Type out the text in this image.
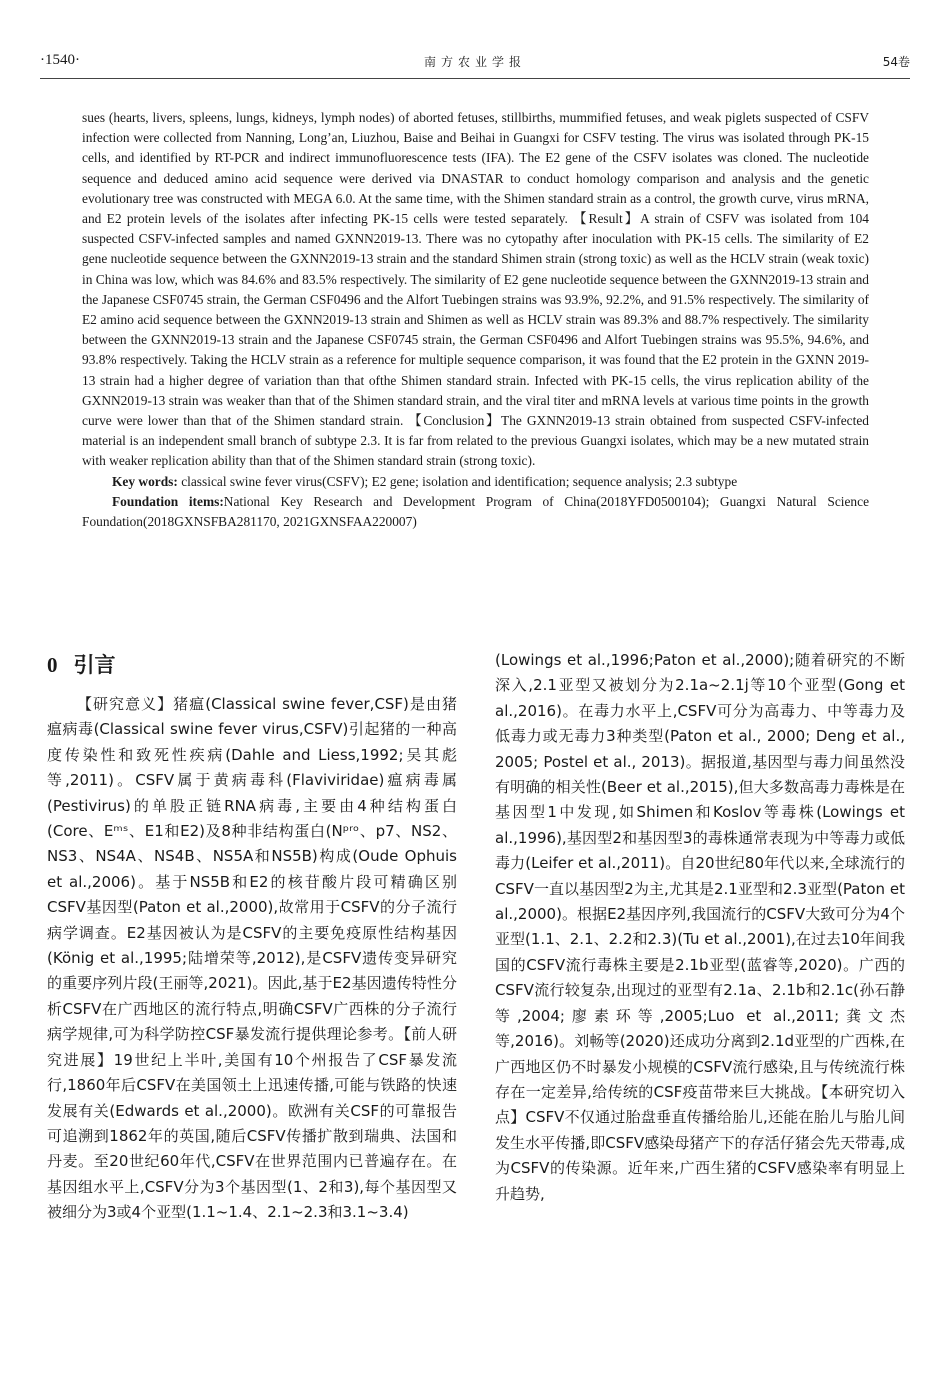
·1540·	南方农业学报	54卷

sues (hearts, livers, spleens, lungs, kidneys, lymph nodes) of aborted fetuses, stillbirths, mummified fetuses, and weak piglets suspected of CSFV infection were collected from Nanning, Long’an, Liuzhou, Baise and Beihai in Guangxi for CSFV testing. The virus was isolated through PK-15 cells, and identified by RT-PCR and indirect immunofluorescence tests (IFA). The E2 gene of the CSFV isolates was cloned. The nucleotide sequence and deduced amino acid sequence were derived via DNASTAR to conduct homology comparison and analysis and the genetic evolutionary tree was constructed with MEGA 6.0. At the same time, with the Shimen standard strain as a control, the growth curve, virus mRNA, and E2 protein levels of the isolates after infecting PK-15 cells were tested separately. 【Result】A strain of CSFV was isolated from 104 suspected CSFV-infected samples and named GXNN2019-13. There was no cytopathy after inoculation with PK-15 cells. The similarity of E2 gene nucleotide sequence between the GXNN2019-13 strain and the standard Shimen strain (strong toxic) as well as the HCLV strain (weak toxic) in China was low, which was 84.6% and 83.5% respectively. The similarity of E2 gene nucleotide sequence between the GXNN2019-13 strain and the Japanese CSF0745 strain, the German CSF0496 and the Alfort Tuebingen strains was 93.9%, 92.2%, and 91.5% respectively. The similarity of E2 amino acid sequence between the GXNN2019-13 strain and Shimen as well as HCLV strain was 89.3% and 88.7% respectively. The similarity between the GXNN2019-13 strain and the Japanese CSF0745 strain, the German CSF0496 and Alfort Tuebingen strains was 95.5%, 94.6%, and 93.8% respectively. Taking the HCLV strain as a reference for multiple sequence comparison, it was found that the E2 protein in the GXNN 2019-13 strain had a higher degree of variation than that ofthe Shimen standard strain. Infected with PK-15 cells, the virus replication ability of the GXNN2019-13 strain was weaker than that of the Shimen standard strain, and the viral titer and mRNA levels at various time points in the growth curve were lower than that of the Shimen standard strain. 【Conclusion】The GXNN2019-13 strain obtained from suspected CSFV-infected material is an independent small branch of subtype 2.3. It is far from related to the previous Guangxi isolates, which may be a new mutated strain with weaker replication ability than that of the Shimen standard strain (strong toxic).

Key words: classical swine fever virus(CSFV); E2 gene; isolation and identification; sequence analysis; 2.3 subtype

Foundation items:National Key Research and Development Program of China(2018YFD0500104); Guangxi Natural Science Foundation(2018GXNSFBA281170, 2021GXNSFAA220007)

0 引言

【研究意义】猪瘟(Classical swine fever,CSF)是由猪瘟病毒(Classical swine fever virus,CSFV)引起猪的一种高度传染性和致死性疾病(Dahle and Liess,1992;吴其彪等,2011)。CSFV属于黄病毒科(Flaviviridae)瘟病毒属(Pestivirus)的单股正链RNA病毒,主要由4种结构蛋白(Core、Eᵐˢ、E1和E2)及8种非结构蛋白(Nᵖʳᵒ、p7、NS2、NS3、NS4A、NS4B、NS5A和NS5B)构成(Oude Ophuis et al.,2006)。基于NS5B和E2的核苷酸片段可精确区别CSFV基因型(Paton et al.,2000),故常用于CSFV的分子流行病学调查。E2基因被认为是CSFV的主要免疫原性结构基因(König et al.,1995;陆增荣等,2012),是CSFV遗传变异研究的重要序列片段(王丽等,2021)。因此,基于E2基因遗传特性分析CSFV在广西地区的流行特点,明确CSFV广西株的分子流行病学规律,可为科学防控CSF暴发流行提供理论参考。【前人研究进展】19世纪上半叶,美国有10个州报告了CSF暴发流行,1860年后CSFV在美国领土上迅速传播,可能与铁路的快速发展有关(Edwards et al.,2000)。欧洲有关CSF的可靠报告可追溯到1862年的英国,随后CSFV传播扩散到瑞典、法国和丹麦。至20世纪60年代,CSFV在世界范围内已普遍存在。在基因组水平上,CSFV分为3个基因型(1、2和3),每个基因型又被细分为3或4个亚型(1.1~1.4、2.1~2.3和3.1~3.4)

(Lowings et al.,1996;Paton et al.,2000);随着研究的不断深入,2.1亚型又被划分为2.1a~2.1j等10个亚型(Gong et al.,2016)。在毒力水平上,CSFV可分为高毒力、中等毒力及低毒力或无毒力3种类型(Paton et al., 2000; Deng et al., 2005; Postel et al., 2013)。据报道,基因型与毒力间虽然没有明确的相关性(Beer et al.,2015),但大多数高毒力毒株是在基因型1中发现,如Shimen和Koslov等毒株(Lowings et al.,1996),基因型2和基因型3的毒株通常表现为中等毒力或低毒力(Leifer et al.,2011)。自20世纪80年代以来,全球流行的CSFV一直以基因型2为主,尤其是2.1亚型和2.3亚型(Paton et al.,2000)。根据E2基因序列,我国流行的CSFV大致可分为4个亚型(1.1、2.1、2.2和2.3)(Tu et al.,2001),在过去10年间我国的CSFV流行毒株主要是2.1b亚型(蓝睿等,2020)。广西的CSFV流行较复杂,出现过的亚型有2.1a、2.1b和2.1c(孙石静等,2004;廖素环等,2005;Luo et al.,2011;龚文杰等,2016)。刘畅等(2020)还成功分离到2.1d亚型的广西株,在广西地区仍不时暴发小规模的CSFV流行感染,且与传统流行株存在一定差异,给传统的CSF疫苗带来巨大挑战。【本研究切入点】CSFV不仅通过胎盘垂直传播给胎儿,还能在胎儿与胎儿间发生水平传播,即CSFV感染母猪产下的存活仔猪会先天带毒,成为CSFV的传染源。近年来,广西生猪的CSFV感染率有明显上升趋势,
